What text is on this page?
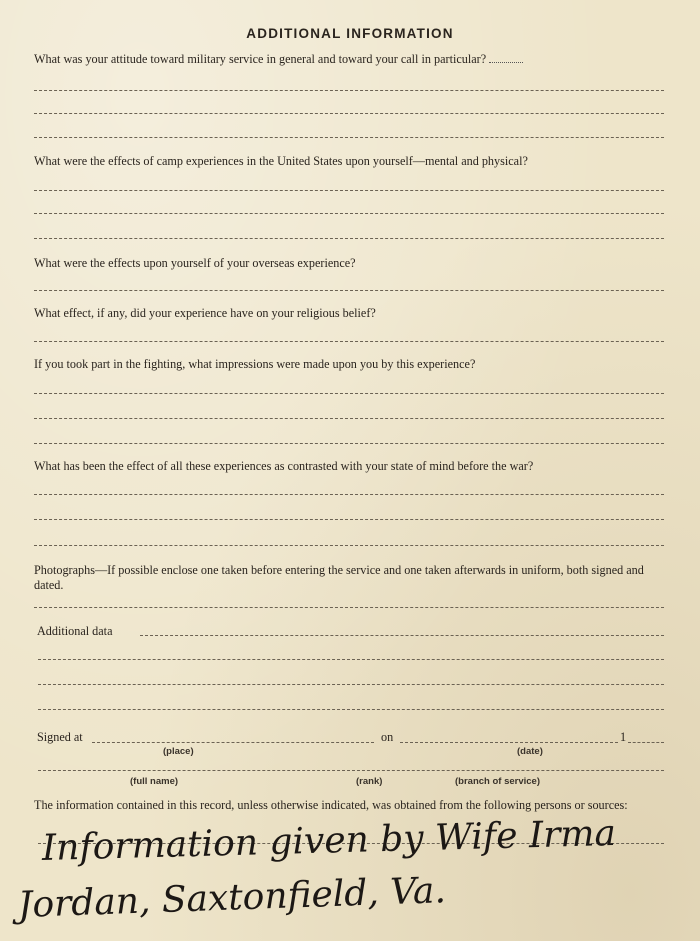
ADDITIONAL INFORMATION
What was your attitude toward military service in general and toward your call in particular?
What were the effects of camp experiences in the United States upon yourself—mental and physical?
What were the effects upon yourself of your overseas experience?
What effect, if any, did your experience have on your religious belief?
If you took part in the fighting, what impressions were made upon you by this experience?
What has been the effect of all these experiences as contrasted with your state of mind before the war?
Photographs—If possible enclose one taken before entering the service and one taken afterwards in uniform, both signed and dated.
Additional data
Signed at	on	1
(place)	(date)
(full name)	(rank)	(branch of service)
The information contained in this record, unless otherwise indicated, was obtained from the following persons or sources:
Information given by Wife Irma
Jordan, Saxtonfield, Va.
